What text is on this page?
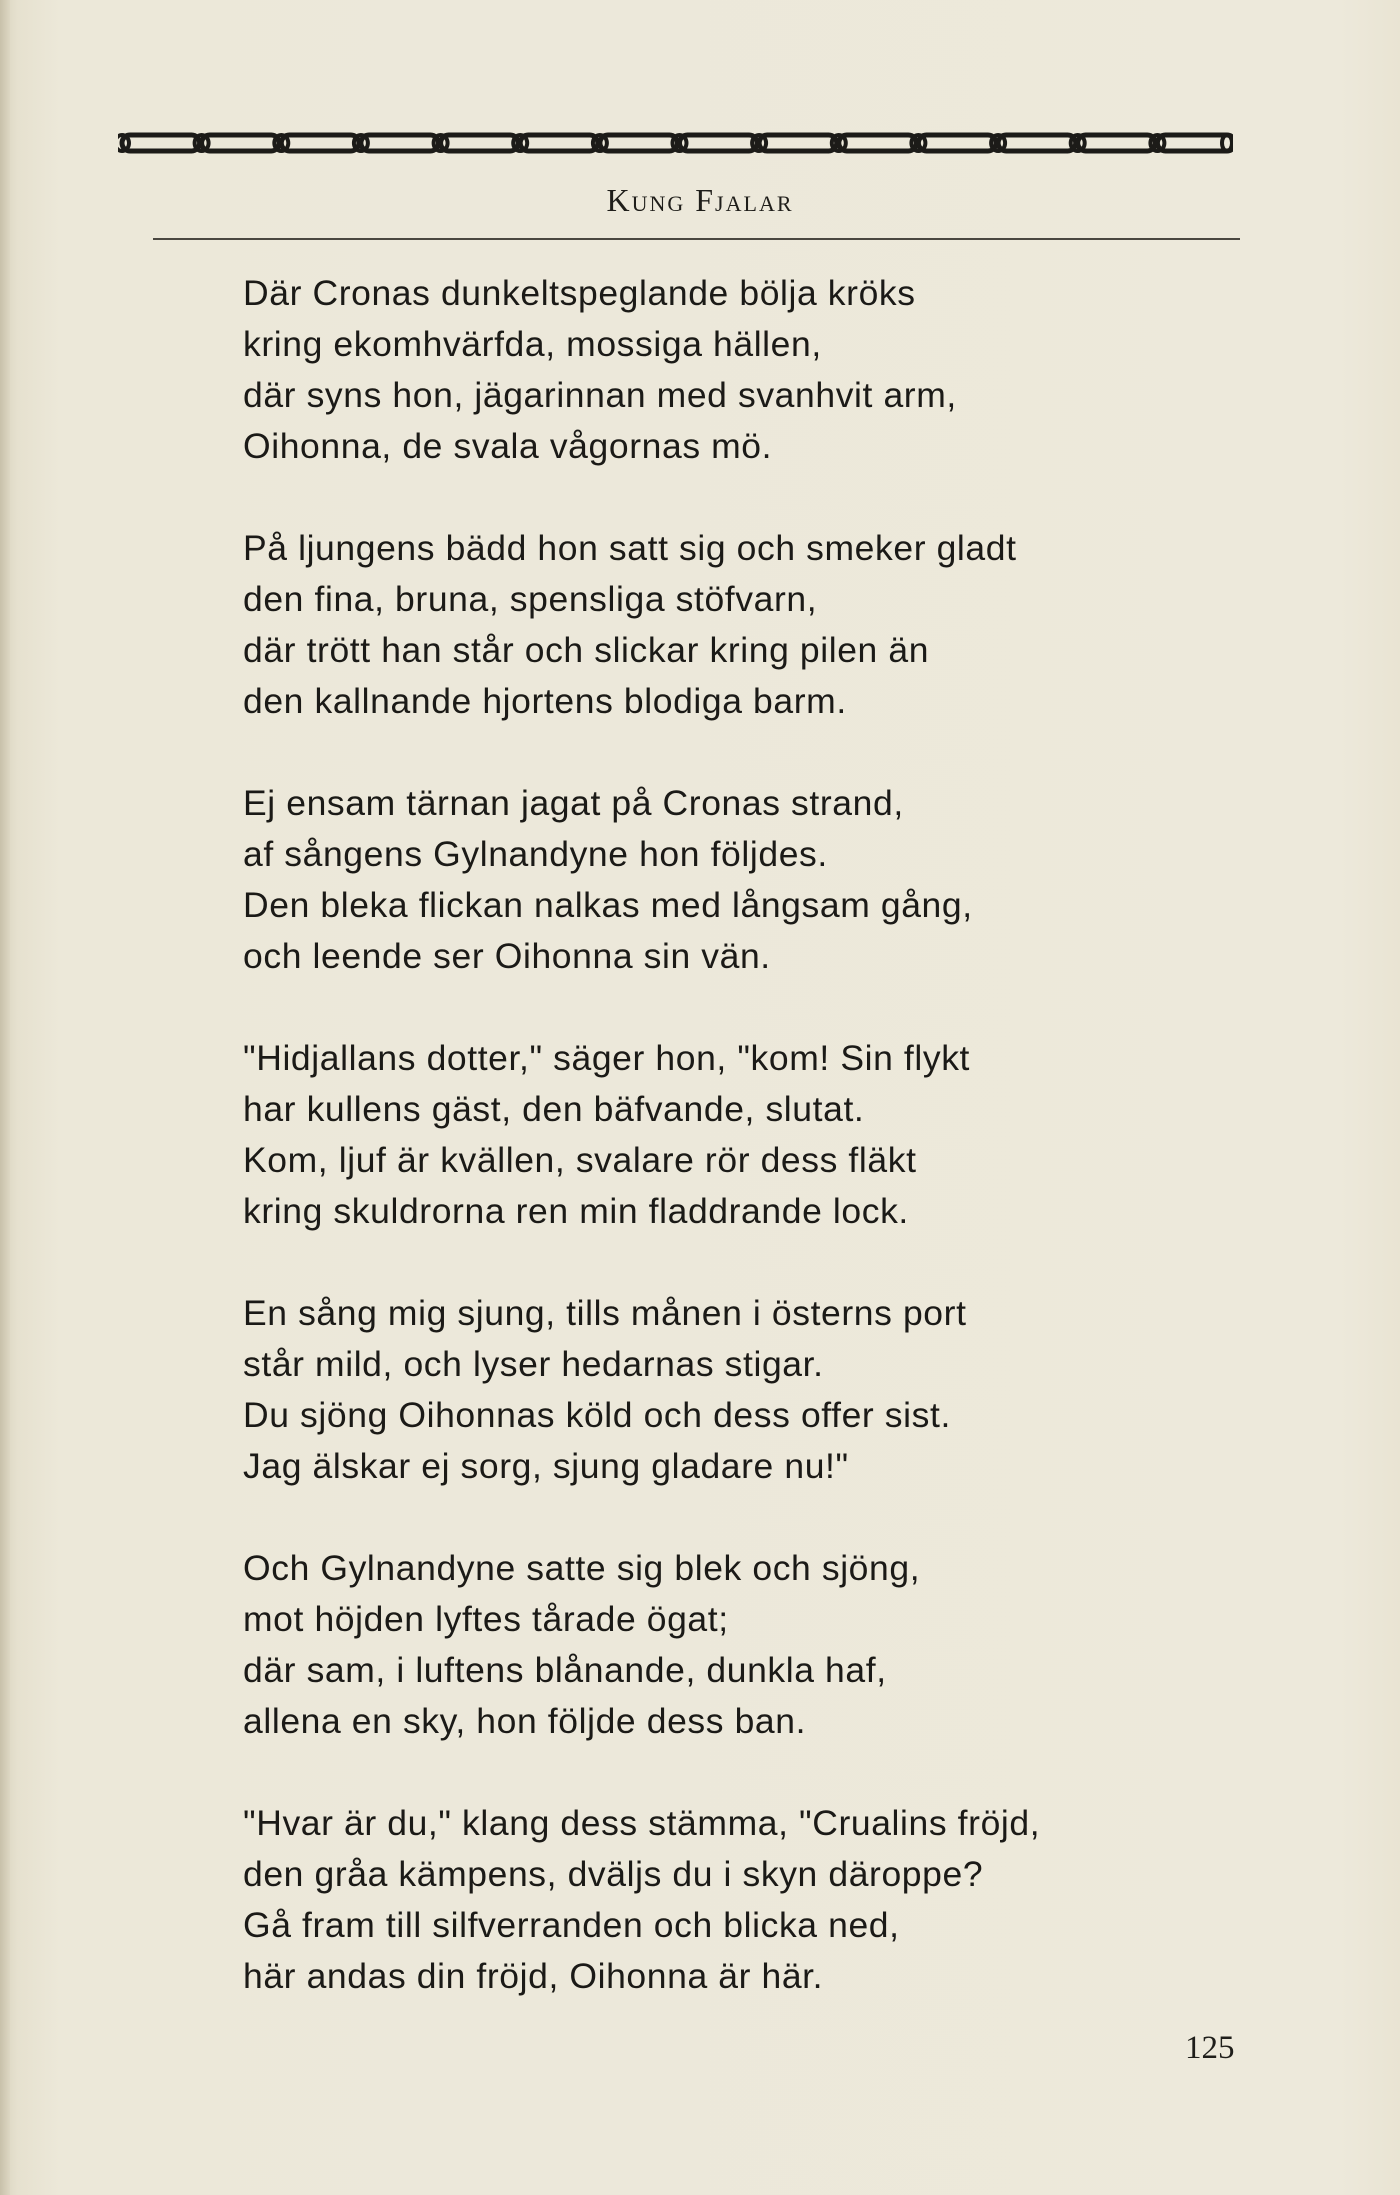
Kung Fjalar
Där Cronas dunkeltspeglande bölja kröks
kring ekomhvärfda, mossiga hällen,
där syns hon, jägarinnan med svanhvit arm,
Oihonna, de svala vågornas mö.
På ljungens bädd hon satt sig och smeker gladt
den fina, bruna, spensliga stöfvarn,
där trött han står och slickar kring pilen än
den kallnande hjortens blodiga barm.
Ej ensam tärnan jagat på Cronas strand,
af sångens Gylnandyne hon följdes.
Den bleka flickan nalkas med långsam gång,
och leende ser Oihonna sin vän.
"Hidjallans dotter," säger hon, "kom! Sin flykt
har kullens gäst, den bäfvande, slutat.
Kom, ljuf är kvällen, svalare rör dess fläkt
kring skuldrorna ren min fladdrande lock.
En sång mig sjung, tills månen i österns port
står mild, och lyser hedarnas stigar.
Du sjöng Oihonnas köld och dess offer sist.
Jag älskar ej sorg, sjung gladare nu!"
Och Gylnandyne satte sig blek och sjöng,
mot höjden lyftes tårade ögat;
där sam, i luftens blånande, dunkla haf,
allena en sky, hon följde dess ban.
"Hvar är du," klang dess stämma, "Crualins fröjd,
den gråa kämpens, dväljs du i skyn däroppe?
Gå fram till silfverranden och blicka ned,
här andas din fröjd, Oihonna är här.
125
